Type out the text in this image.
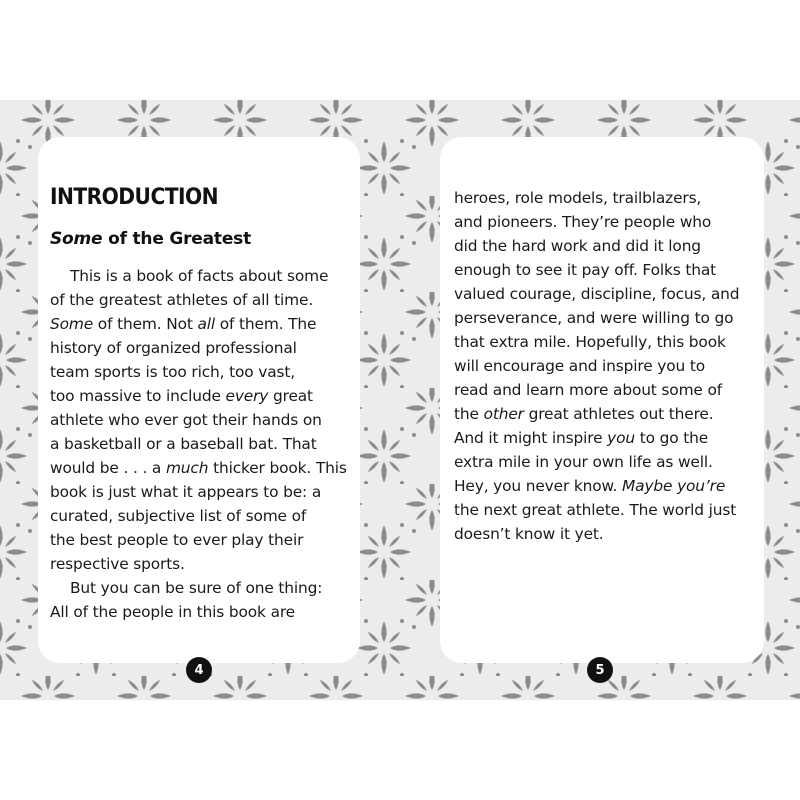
INTRODUCTION
Some of the Greatest

This is a book of facts about some

of the greatest athletes of all time.
Some of them. Not all of them. The
history of organized professional
team sports is too rich, too vast,
too massive to include every great
athlete who ever got their hands on
a basketball or a baseball bat. That
would be . . . a much thicker book. This
book is just what it appears to be: a
curated, subjective list of some of
the best people to ever play their
respective sports.

But you can be sure of one thing:

All of the people in this book are

heroes, role models, trailblazers,
and pioneers. They’re people who
did the hard work and did it long
enough to see it pay off. Folks that
valued courage, discipline, focus, and
perseverance, and were willing to go
that extra mile. Hopefully, this book
will encourage and inspire you to
read and learn more about some of
the other great athletes out there.
And it might inspire you to go the
extra mile in your own life as well.
Hey, you never know. Maybe you’re
the next great athlete. The world just
doesn’t know it yet.

4	5
